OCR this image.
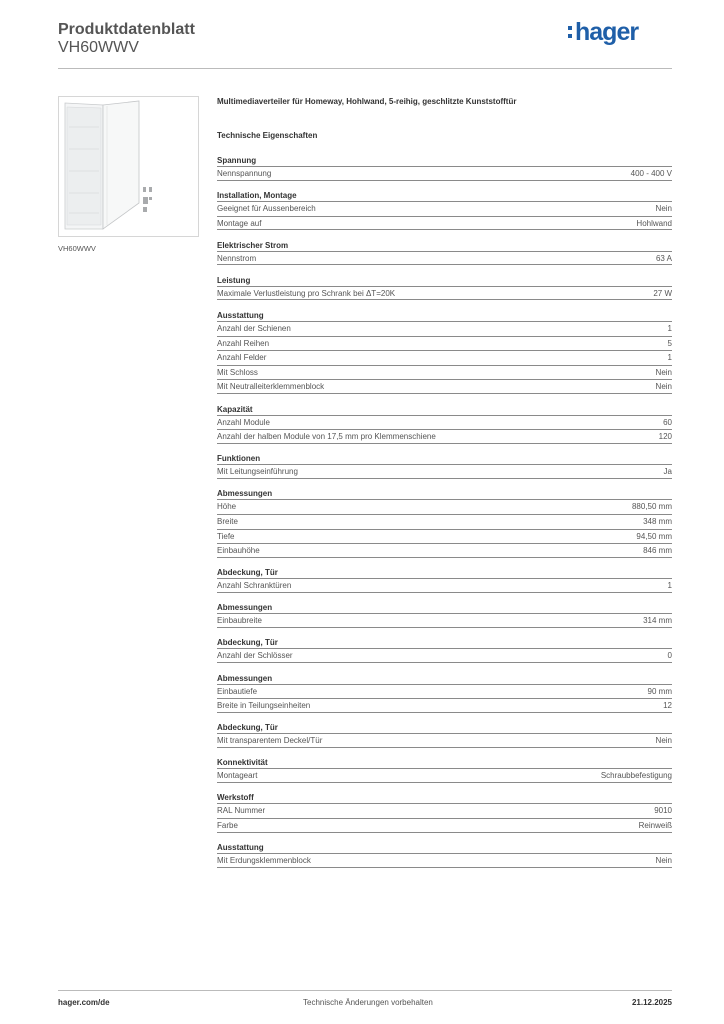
Produktdatenblatt
VH60WWV
hager
VH60WWV
Multimediaverteiler für Homeway, Hohlwand, 5-reihig, geschlitzte Kunststofftür
Technische Eigenschaften
Spannung
Nennspannung	400 - 400 V
Installation, Montage
Geeignet für Aussenbereich	Nein
Montage auf	Hohlwand
Elektrischer Strom
Nennstrom	63 A
Leistung
Maximale Verlustleistung pro Schrank bei ΔT=20K	27 W
Ausstattung
Anzahl der Schienen	1
Anzahl Reihen	5
Anzahl Felder	1
Mit Schloss	Nein
Mit Neutralleiterklemmenblock	Nein
Kapazität
Anzahl Module	60
Anzahl der halben Module von 17,5 mm pro Klemmenschiene	120
Funktionen
Mit Leitungseinführung	Ja
Abmessungen
Höhe	880,50 mm
Breite	348 mm
Tiefe	94,50 mm
Einbauhöhe	846 mm
Abdeckung, Tür
Anzahl Schranktüren	1
Abmessungen
Einbaubreite	314 mm
Abdeckung, Tür
Anzahl der Schlösser	0
Abmessungen
Einbautiefe	90 mm
Breite in Teilungseinheiten	12
Abdeckung, Tür
Mit transparentem Deckel/Tür	Nein
Konnektivität
Montageart	Schraubbefestigung
Werkstoff
RAL Nummer	9010
Farbe	Reinweiß
Ausstattung
Mit Erdungsklemmenblock	Nein
hager.com/de	Technische Änderungen vorbehalten	21.12.2025
